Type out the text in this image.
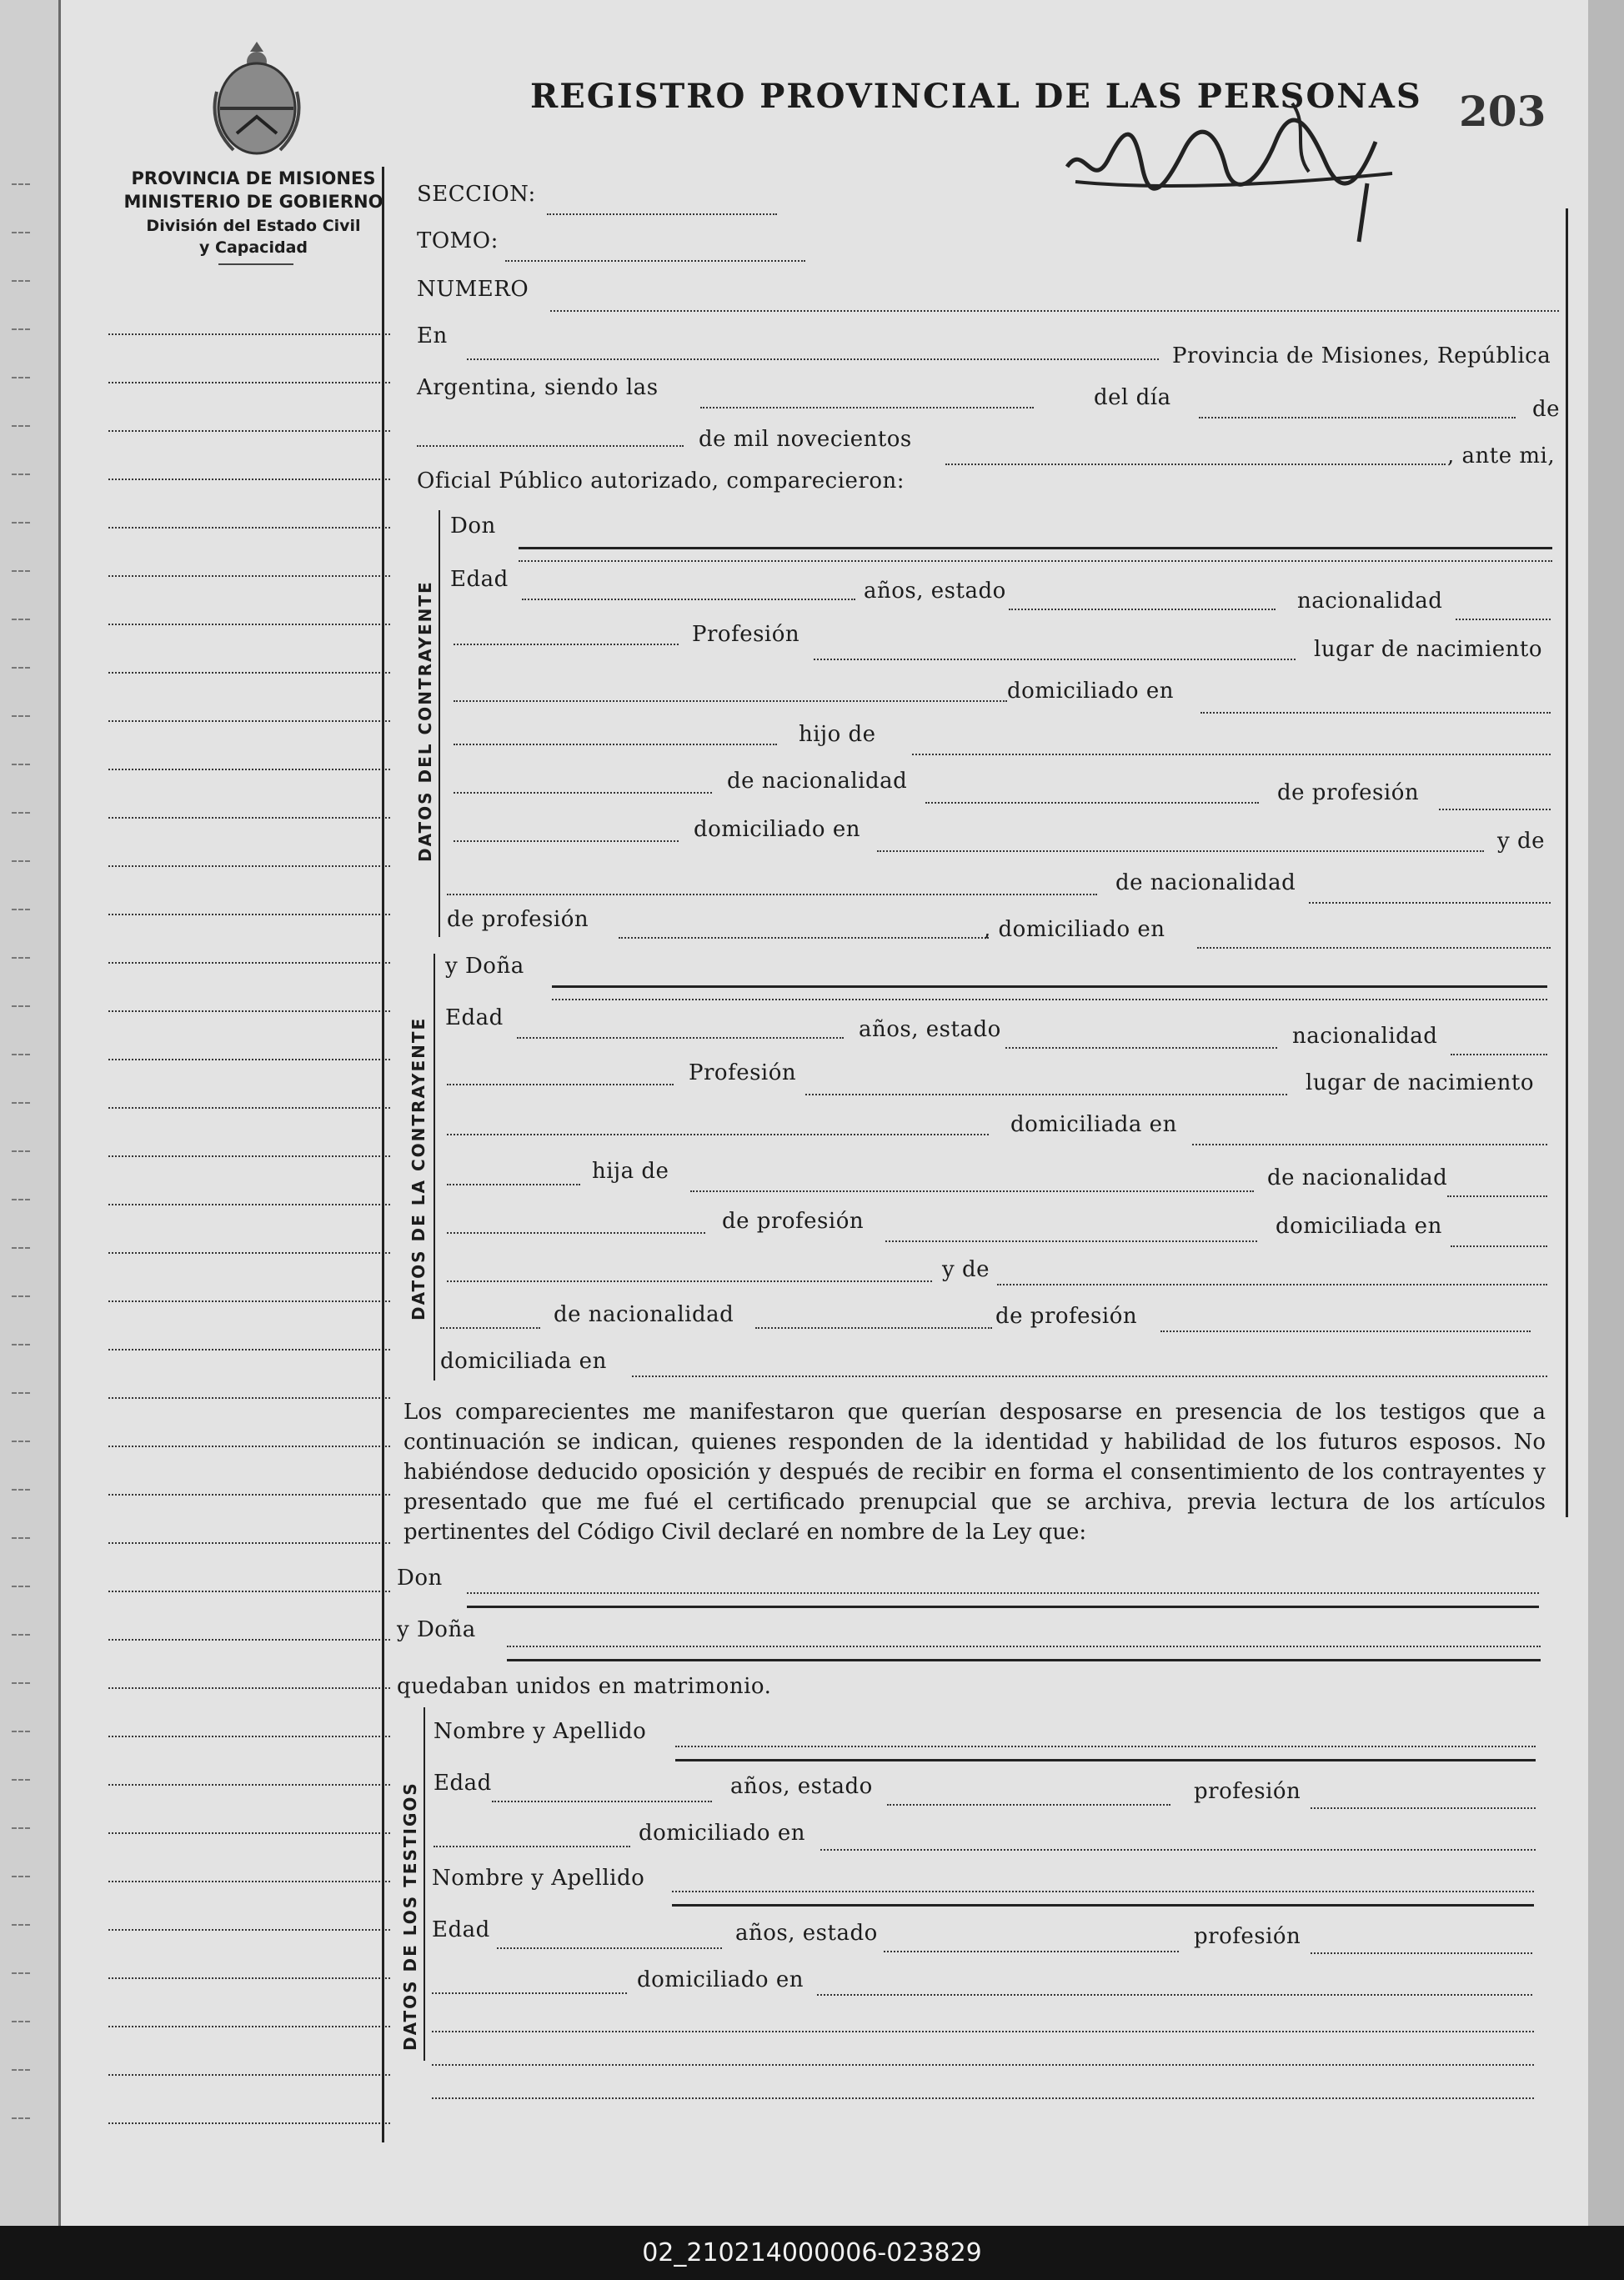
PROVINCIA DE MISIONES
MINISTERIO DE GOBIERNO
División del Estado Civil
y Capacidad
REGISTRO PROVINCIAL DE LAS PERSONAS 203
SECCION:
TOMO:
NUMERO
En
Provincia de Misiones, República
Argentina, siendo las	del día	de
de mil novecientos
, ante mi,
Oficial Público autorizado, comparecieron:
DATOS DEL CONTRAYENTE
Don
Edad	años, estado	nacionalidad
Profesión
lugar de nacimiento
domiciliado en
hijo de
de nacionalidad	de profesión
domiciliado en	y de
de nacionalidad
de profesión	, domiciliado en
DATOS DE LA CONTRAYENTE
y Doña
Edad	años, estado	nacionalidad
Profesión	lugar de nacimiento
domiciliada en
hija de	de nacionalidad
de profesión	domiciliada en
y de
de nacionalidad	de profesión
domiciliada en
Los comparecientes me manifestaron que querían desposarse en presencia de los testigos que a continuación se indican, quienes responden de la identidad y habilidad de los futuros esposos. No habiéndose deducido oposición y después de recibir en forma el consentimiento de los contrayentes y presentado que me fué el certificado prenupcial que se archiva, previa lectura de los artículos pertinentes del Código Civil declaré en nombre de la Ley que:
Don
y Doña
quedaban unidos en matrimonio.
DATOS DE LOS TESTIGOS
Nombre y Apellido
Edad	años, estado	profesión
domiciliado en
Nombre y Apellido
Edad	años, estado	profesión
domiciliado en
02_210214000006-023829
